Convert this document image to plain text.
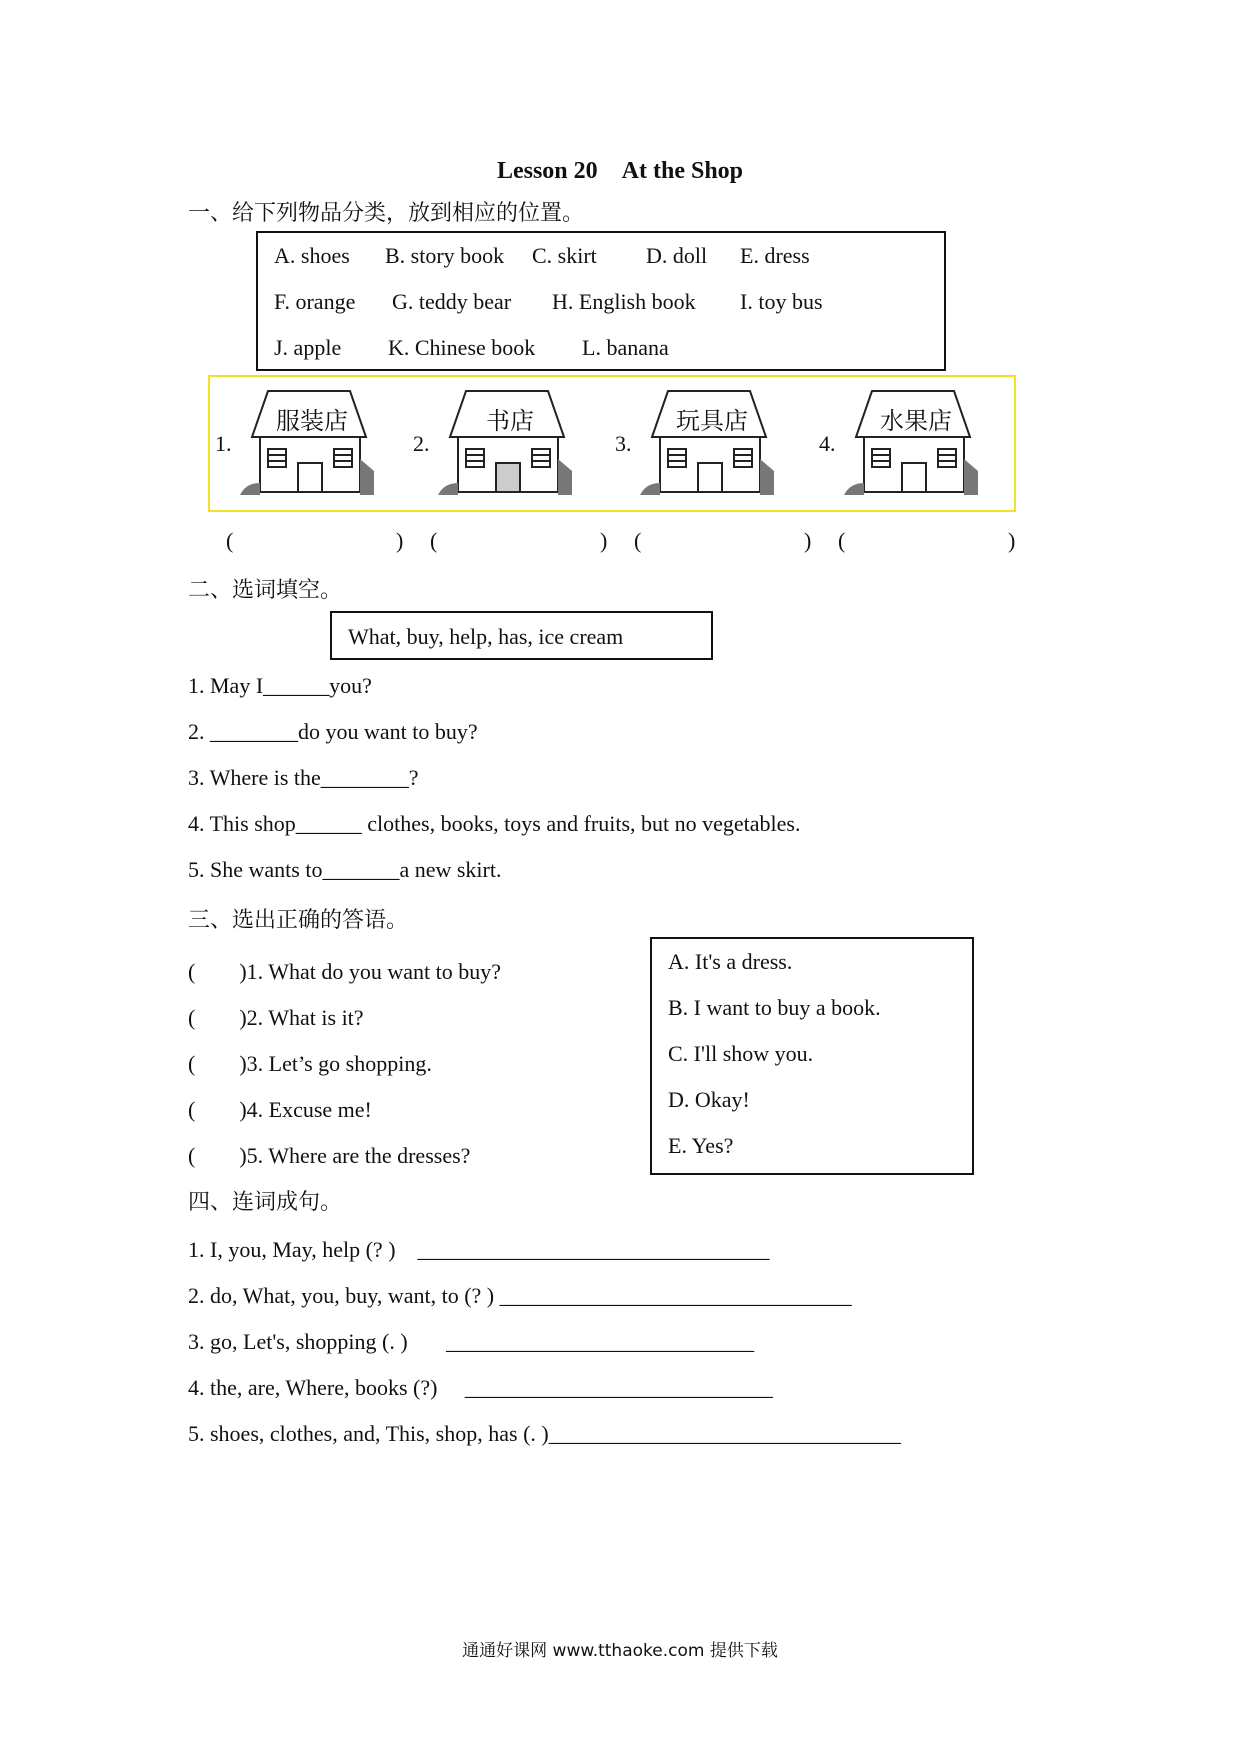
Lesson 20　At the Shop
一、给下列物品分类，放到相应的位置。
A. shoes B. story book C. skirt D. doll E. dress
F. orange G. teddy bear H. English book I. toy bus
J. apple K. Chinese book L. banana
1.
服装店
2.
书店
3.
玩具店
4.
水果店
(	) (	) (	) (	)
二、选词填空。
What, buy, help, has, ice cream
1. May I______you?
2. ________do you want to buy?
3. Where is the________?
4. This shop______ clothes, books, toys and fruits, but no vegetables.
5. She wants to_______a new skirt.
三、选出正确的答语。
(　　)1. What do you want to buy?
(　　)2. What is it?
(　　)3. Let’s go shopping.
(　　)4. Excuse me!
(　　)5. Where are the dresses?
A. It's a dress.
B. I want to buy a book.
C. I'll show you.
D. Okay!
E. Yes?
四、连词成句。
1. I, you, May, help (? )    ________________________________
2. do, What, you, buy, want, to (? ) ________________________________
3. go, Let's, shopping (. )       ____________________________
4. the, are, Where, books (?)     ____________________________
5. shoes, clothes, and, This, shop, has (. )________________________________
通通好课网 www.tthaoke.com 提供下载
